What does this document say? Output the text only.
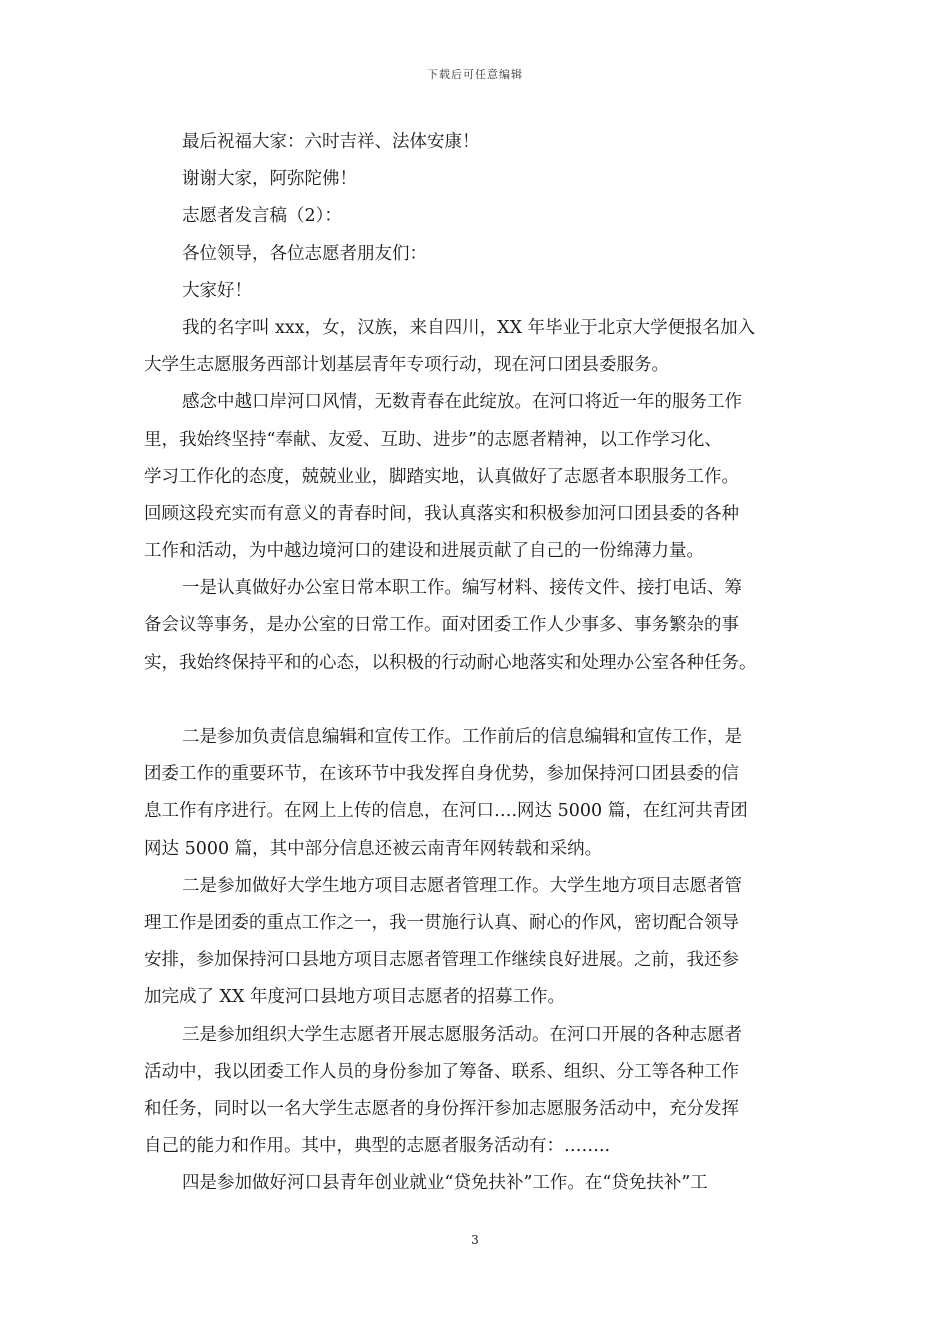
下载后可任意编辑
最后祝福大家：六时吉祥、法体安康！
谢谢大家，阿弥陀佛！
志愿者发言稿（2）：
各位领导，各位志愿者朋友们：
大家好！
我的名字叫 xxx，女，汉族，来自四川，XX 年毕业于北京大学便报名加入
大学生志愿服务西部计划基层青年专项行动，现在河口团县委服务。
感念中越口岸河口风情，无数青春在此绽放。在河口将近一年的服务工作
里，我始终坚持“奉献、友爱、互助、进步”的志愿者精神，以工作学习化、
学习工作化的态度，兢兢业业，脚踏实地，认真做好了志愿者本职服务工作。
回顾这段充实而有意义的青春时间，我认真落实和积极参加河口团县委的各种
工作和活动，为中越边境河口的建设和进展贡献了自己的一份绵薄力量。
一是认真做好办公室日常本职工作。编写材料、接传文件、接打电话、筹
备会议等事务，是办公室的日常工作。面对团委工作人少事多、事务繁杂的事
实，我始终保持平和的心态，以积极的行动耐心地落实和处理办公室各种任务。
二是参加负责信息编辑和宣传工作。工作前后的信息编辑和宣传工作，是
团委工作的重要环节，在该环节中我发挥自身优势，参加保持河口团县委的信
息工作有序进行。在网上上传的信息，在河口….网达 5000 篇，在红河共青团
网达 5000 篇，其中部分信息还被云南青年网转载和采纳。
二是参加做好大学生地方项目志愿者管理工作。大学生地方项目志愿者管
理工作是团委的重点工作之一，我一贯施行认真、耐心的作风，密切配合领导
安排，参加保持河口县地方项目志愿者管理工作继续良好进展。之前，我还参
加完成了 XX 年度河口县地方项目志愿者的招募工作。
三是参加组织大学生志愿者开展志愿服务活动。在河口开展的各种志愿者
活动中，我以团委工作人员的身份参加了筹备、联系、组织、分工等各种工作
和任务，同时以一名大学生志愿者的身份挥汗参加志愿服务活动中，充分发挥
自己的能力和作用。其中，典型的志愿者服务活动有：……..
四是参加做好河口县青年创业就业“贷免扶补”工作。在“贷免扶补”工
3
